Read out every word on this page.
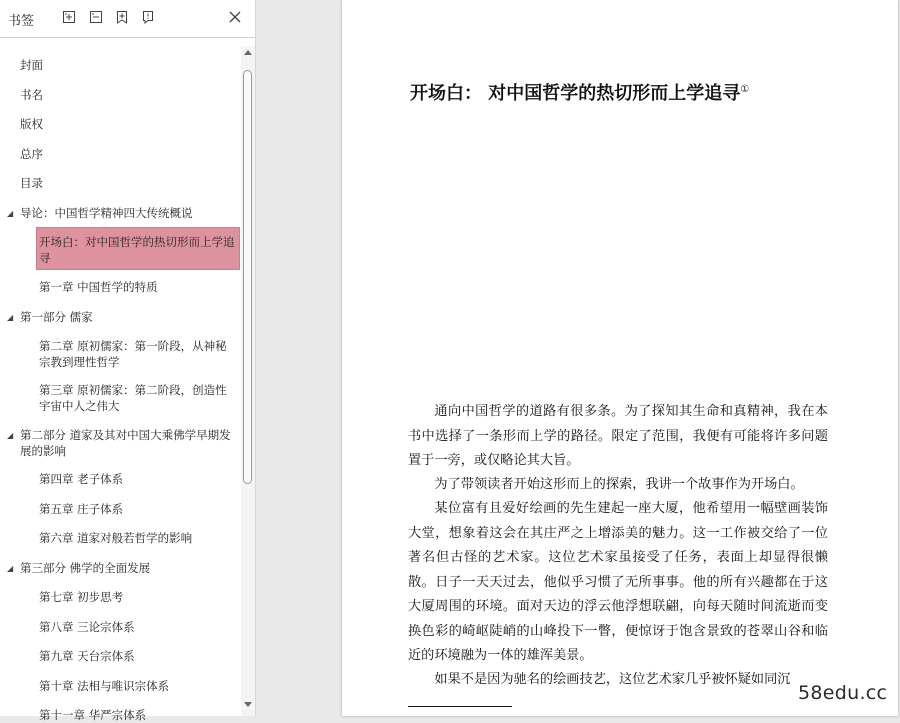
书签
封面
书名
版权
总序
目录
◢ 导论：中国哲学精神四大传统概说
开场白：对中国哲学的热切形而上学追寻
第一章 中国哲学的特质
◢ 第一部分 儒家
第二章 原初儒家：第一阶段，从神秘宗教到理性哲学
第三章 原初儒家：第二阶段，创造性宇宙中人之伟大
◢ 第二部分 道家及其对中国大乘佛学早期发展的影响
第四章 老子体系
第五章 庄子体系
第六章 道家对般若哲学的影响
◢ 第三部分 佛学的全面发展
第七章 初步思考
第八章 三论宗体系
第九章 天台宗体系
第十章 法相与唯识宗体系
第十一章 华严宗体系
开场白： 对中国哲学的热切形而上学追寻①

通向中国哲学的道路有很多条。为了探知其生命和真精神，我在本书中选择了一条形而上学的路径。限定了范围，我便有可能将许多问题置于一旁，或仅略论其大旨。

为了带领读者开始这形而上的探索，我讲一个故事作为开场白。

某位富有且爱好绘画的先生建起一座大厦，他希望用一幅壁画装饰大堂，想象着这会在其庄严之上增添美的魅力。这一工作被交给了一位著名但古怪的艺术家。这位艺术家虽接受了任务，表面上却显得很懒散。日子一天天过去，他似乎习惯了无所事事。他的所有兴趣都在于这大厦周围的环境。面对天边的浮云他浮想联翩，向每天随时间流逝而变换色彩的崎岖陡峭的山峰投下一瞥，便惊讶于饱含景致的苍翠山谷和临近的环境融为一体的雄浑美景。

如果不是因为驰名的绘画技艺，这位艺术家几乎被怀疑如同沉

58edu.cc
